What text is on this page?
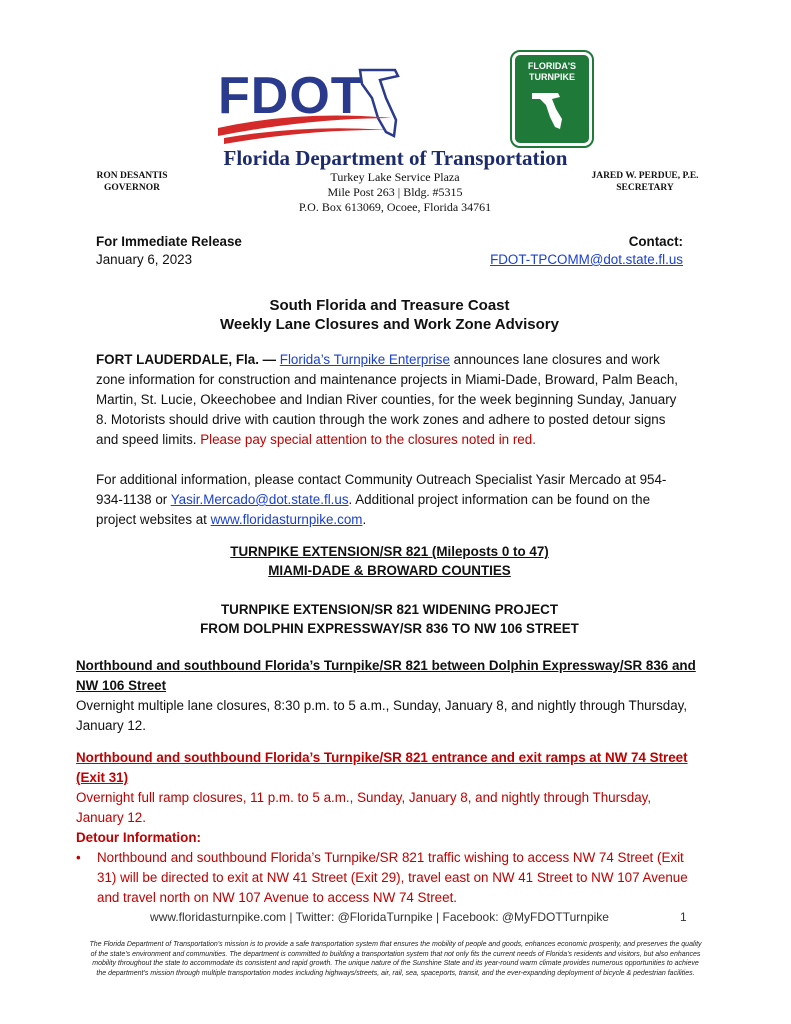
FDOT
FLORIDA'S
TURNPIKE
Florida Department of Transportation
RON DESANTIS
GOVERNOR
Turkey Lake Service Plaza
Mile Post 263 | Bldg. #5315
P.O. Box 613069, Ocoee, Florida 34761
JARED W. PERDUE, P.E.
SECRETARY
For Immediate Release
January 6, 2023
Contact:
FDOT-TPCOMM@dot.state.fl.us
South Florida and Treasure Coast
Weekly Lane Closures and Work Zone Advisory

FORT LAUDERDALE, Fla. — Florida’s Turnpike Enterprise announces lane closures and work zone information for construction and maintenance projects in Miami-Dade, Broward, Palm Beach, Martin, St. Lucie, Okeechobee and Indian River counties, for the week beginning Sunday, January 8. Motorists should drive with caution through the work zones and adhere to posted detour signs and speed limits. Please pay special attention to the closures noted in red.

For additional information, please contact Community Outreach Specialist Yasir Mercado at 954-934-1138 or Yasir.Mercado@dot.state.fl.us. Additional project information can be found on the project websites at www.floridasturnpike.com.

TURNPIKE EXTENSION/SR 821 (Mileposts 0 to 47)
MIAMI-DADE & BROWARD COUNTIES
TURNPIKE EXTENSION/SR 821 WIDENING PROJECT
FROM DOLPHIN EXPRESSWAY/SR 836 TO NW 106 STREET

Northbound and southbound Florida’s Turnpike/SR 821 between Dolphin Expressway/SR 836 and NW 106 Street

Overnight multiple lane closures, 8:30 p.m. to 5 a.m., Sunday, January 8, and nightly through Thursday, January 12.

Northbound and southbound Florida’s Turnpike/SR 821 entrance and exit ramps at NW 74 Street (Exit 31)

Overnight full ramp closures, 11 p.m. to 5 a.m., Sunday, January 8, and nightly through Thursday, January 12.

Detour Information:

•	Northbound and southbound Florida’s Turnpike/SR 821 traffic wishing to access NW 74 Street (Exit 31) will be directed to exit at NW 41 Street (Exit 29), travel east on NW 41 Street to NW 107 Avenue and travel north on NW 107 Avenue to access NW 74 Street.
www.floridasturnpike.com | Twitter: @FloridaTurnpike | Facebook: @MyFDOTTurnpike	1

The Florida Department of Transportation’s mission is to provide a safe transportation system that ensures the mobility of people and goods, enhances economic prosperity, and preserves the quality of the state’s environment and communities. The department is committed to building a transportation system that not only fits the current needs of Florida’s residents and visitors, but also enhances mobility throughout the state to accommodate its consistent and rapid growth. The unique nature of the Sunshine State and its year-round warm climate provides numerous opportunities to achieve the department’s mission through multiple transportation modes including highways/streets, air, rail, sea, spaceports, transit, and the ever-expanding deployment of bicycle & pedestrian facilities.
